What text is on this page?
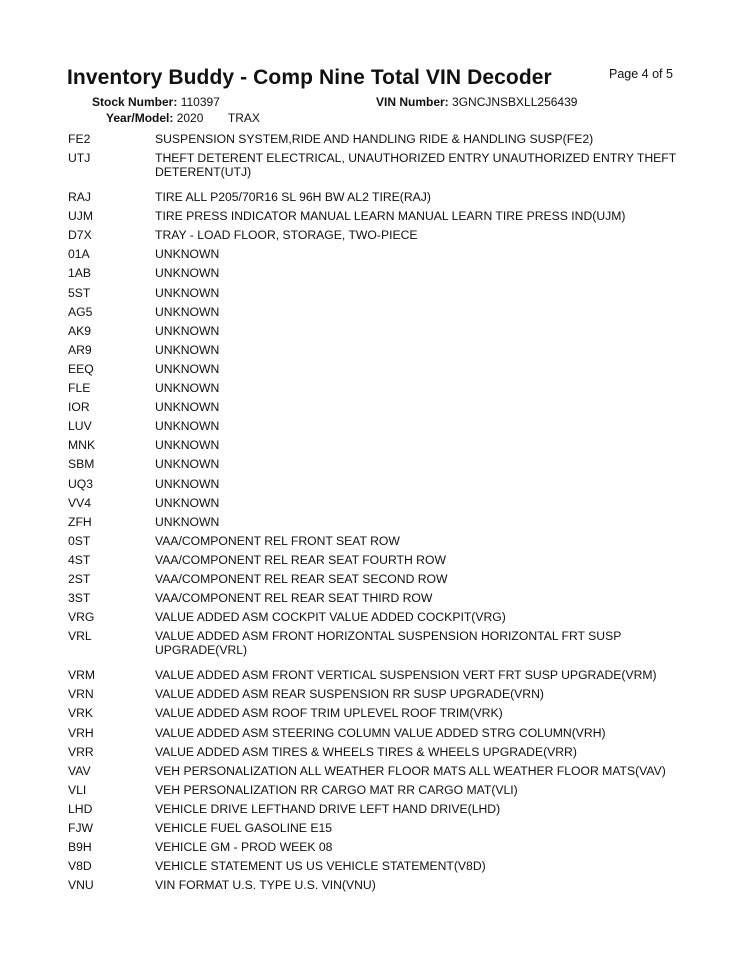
Inventory Buddy - Comp Nine Total VIN Decoder	Page 4 of 5
Stock Number: 110397	VIN Number: 3GNCJNSBXLL256439
Year/Model: 2020 TRAX
FE2	SUSPENSION SYSTEM,RIDE AND HANDLING RIDE & HANDLING SUSP(FE2)
UTJ	THEFT DETERENT ELECTRICAL, UNAUTHORIZED ENTRY UNAUTHORIZED ENTRY THEFT DETERENT(UTJ)
RAJ	TIRE ALL P205/70R16 SL 96H BW AL2 TIRE(RAJ)
UJM	TIRE PRESS INDICATOR MANUAL LEARN MANUAL LEARN TIRE PRESS IND(UJM)
D7X	TRAY - LOAD FLOOR, STORAGE, TWO-PIECE
01A	UNKNOWN
1AB	UNKNOWN
5ST	UNKNOWN
AG5	UNKNOWN
AK9	UNKNOWN
AR9	UNKNOWN
EEQ	UNKNOWN
FLE	UNKNOWN
IOR	UNKNOWN
LUV	UNKNOWN
MNK	UNKNOWN
SBM	UNKNOWN
UQ3	UNKNOWN
VV4	UNKNOWN
ZFH	UNKNOWN
0ST	VAA/COMPONENT REL FRONT SEAT ROW
4ST	VAA/COMPONENT REL REAR SEAT FOURTH ROW
2ST	VAA/COMPONENT REL REAR SEAT SECOND ROW
3ST	VAA/COMPONENT REL REAR SEAT THIRD ROW
VRG	VALUE ADDED ASM COCKPIT VALUE ADDED COCKPIT(VRG)
VRL	VALUE ADDED ASM FRONT HORIZONTAL SUSPENSION HORIZONTAL FRT SUSP UPGRADE(VRL)
VRM	VALUE ADDED ASM FRONT VERTICAL SUSPENSION VERT FRT SUSP UPGRADE(VRM)
VRN	VALUE ADDED ASM REAR SUSPENSION RR SUSP UPGRADE(VRN)
VRK	VALUE ADDED ASM ROOF TRIM UPLEVEL ROOF TRIM(VRK)
VRH	VALUE ADDED ASM STEERING COLUMN VALUE ADDED STRG COLUMN(VRH)
VRR	VALUE ADDED ASM TIRES & WHEELS TIRES & WHEELS UPGRADE(VRR)
VAV	VEH PERSONALIZATION ALL WEATHER FLOOR MATS ALL WEATHER FLOOR MATS(VAV)
VLI	VEH PERSONALIZATION RR CARGO MAT RR CARGO MAT(VLI)
LHD	VEHICLE DRIVE LEFTHAND DRIVE LEFT HAND DRIVE(LHD)
FJW	VEHICLE FUEL GASOLINE E15
B9H	VEHICLE GM - PROD WEEK 08
V8D	VEHICLE STATEMENT US US VEHICLE STATEMENT(V8D)
VNU	VIN FORMAT U.S. TYPE U.S. VIN(VNU)
